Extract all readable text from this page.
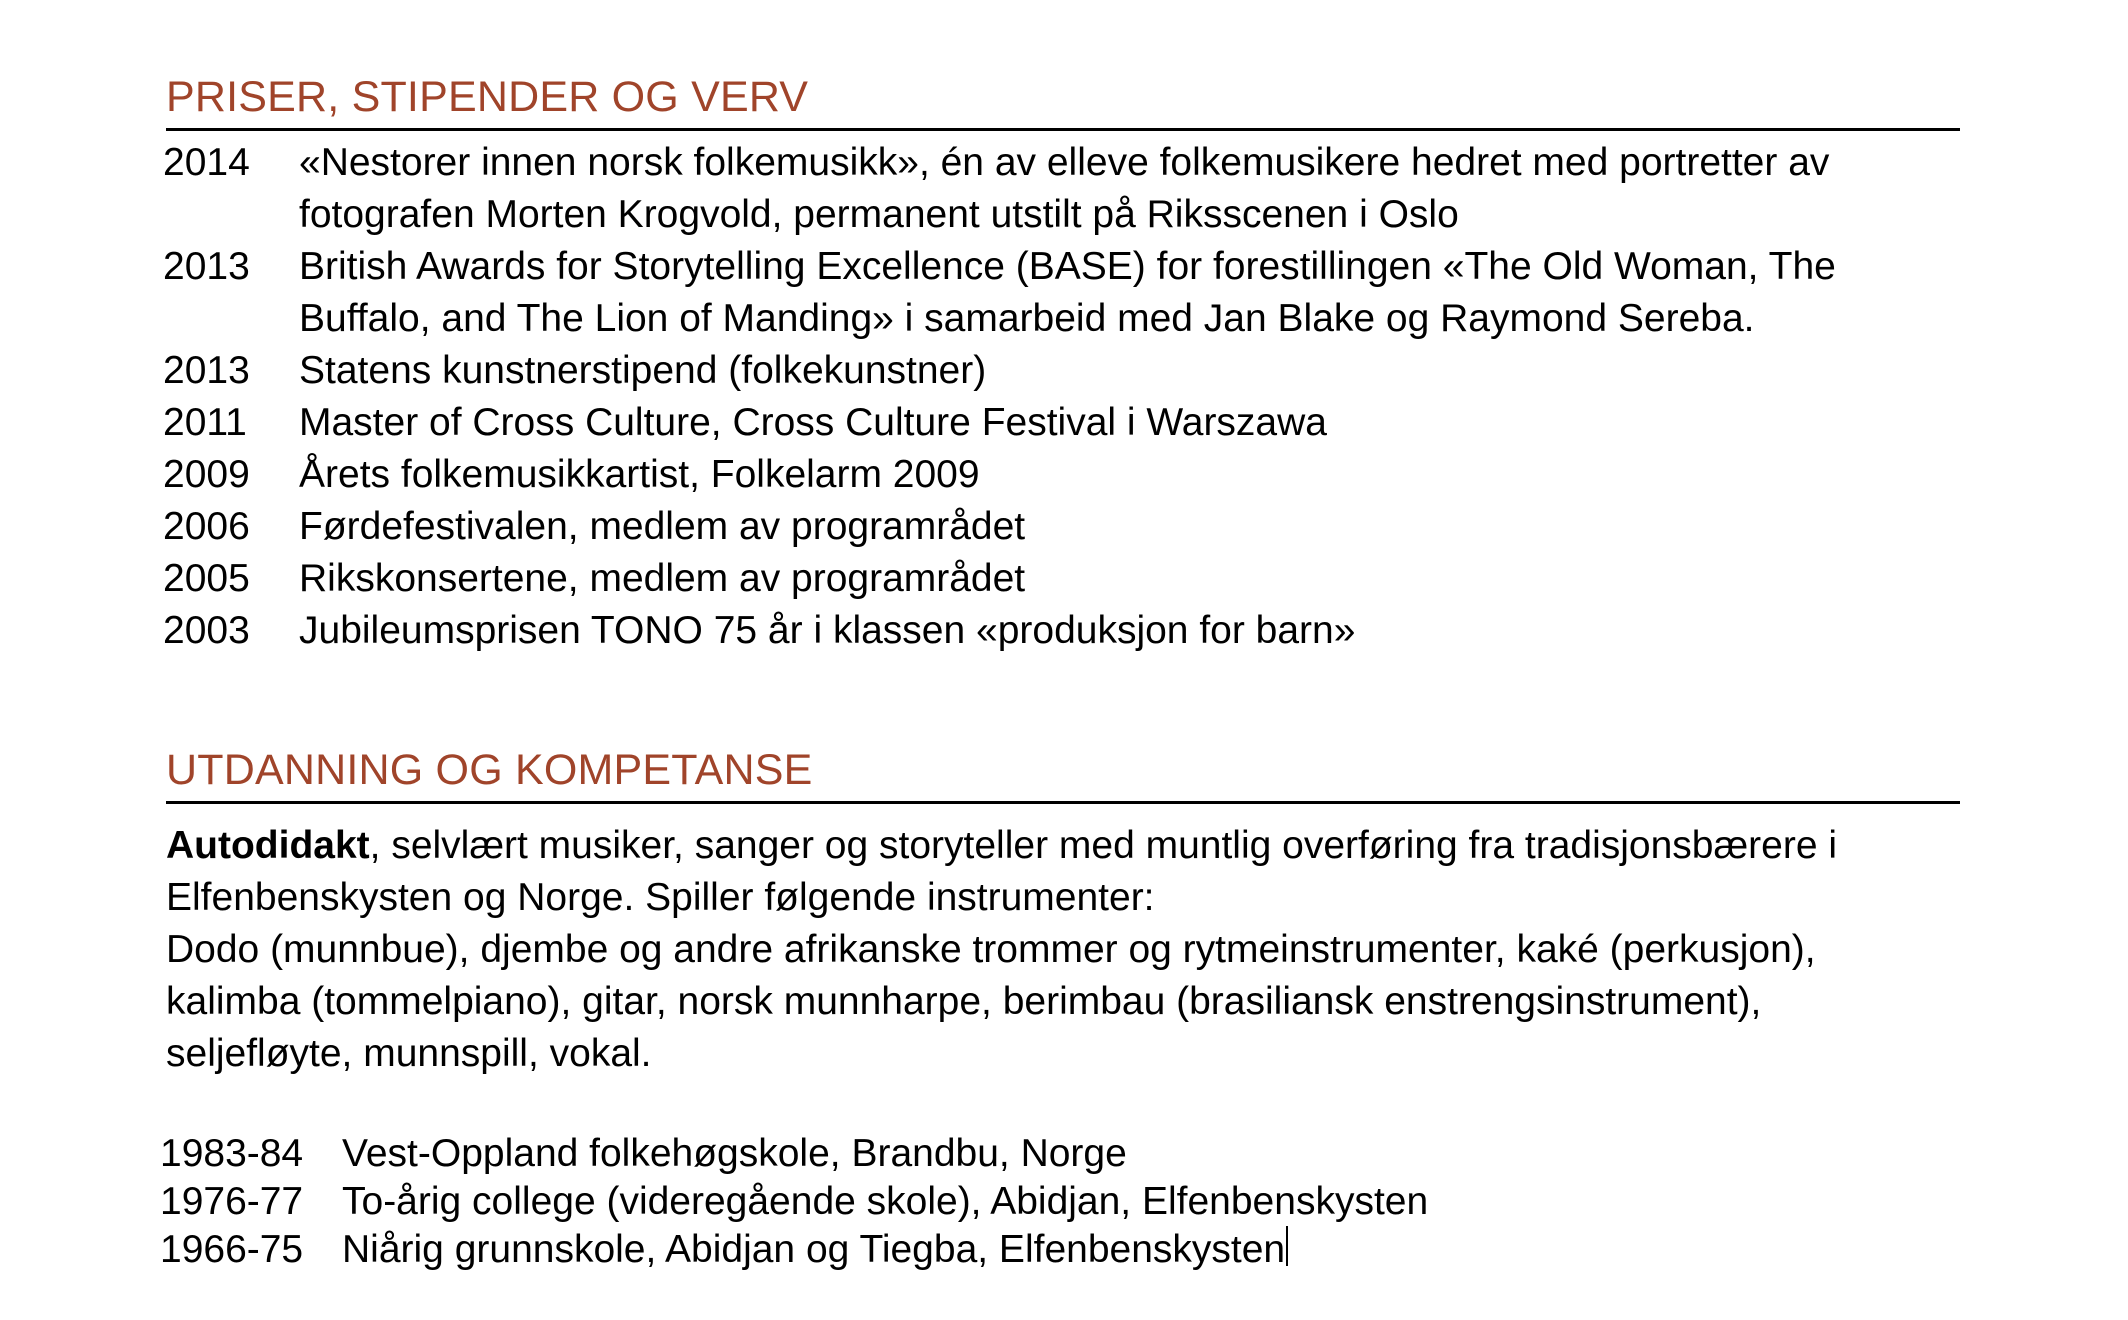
PRISER, STIPENDER OG VERV
2014	«Nestorer innen norsk folkemusikk», én av elleve folkemusikere hedret med portretter av fotografen Morten Krogvold, permanent utstilt på Riksscenen i Oslo
2013	British Awards for Storytelling Excellence (BASE) for forestillingen «The Old Woman, The Buffalo, and The Lion of Manding» i samarbeid med Jan Blake og Raymond Sereba.
2013	Statens kunstnerstipend (folkekunstner)
2011	Master of Cross Culture, Cross Culture Festival i Warszawa
2009	Årets folkemusikkartist, Folkelarm 2009
2006	Førdefestivalen, medlem av programrådet
2005	Rikskonsertene, medlem av programrådet
2003	Jubileumsprisen TONO 75 år i klassen «produksjon for barn»
UTDANNING OG KOMPETANSE
Autodidakt, selvlært musiker, sanger og storyteller med muntlig overføring fra tradisjonsbærere i Elfenbenskysten og Norge. Spiller følgende instrumenter:
Dodo (munnbue), djembe og andre afrikanske trommer og rytmeinstrumenter, kaké (perkusjon), kalimba (tommelpiano), gitar, norsk munnharpe, berimbau (brasiliansk enstrengsinstrument), seljefløyte, munnspill, vokal.
1983-84 Vest-Oppland folkehøgskole, Brandbu, Norge
1976-77 To-årig college (videregående skole), Abidjan, Elfenbenskysten
1966-75 Niårig grunnskole, Abidjan og Tiegba, Elfenbenskysten
